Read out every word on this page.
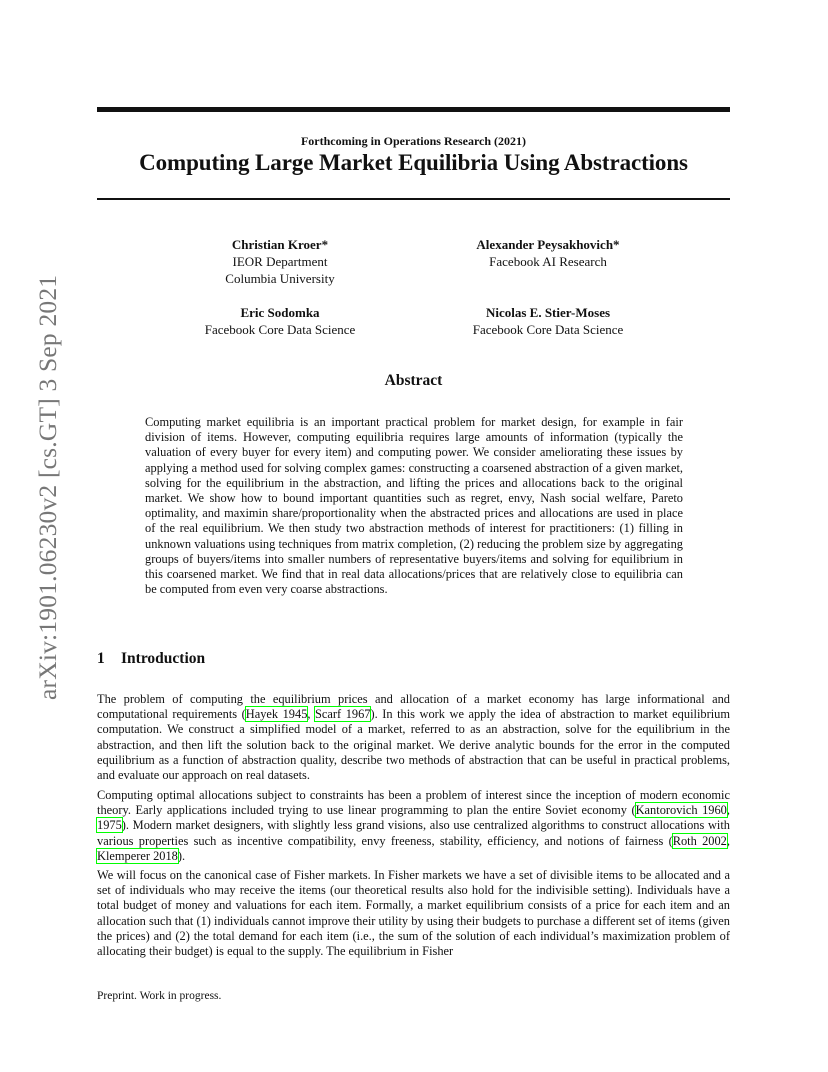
arXiv:1901.06230v2 [cs.GT] 3 Sep 2021
Forthcoming in Operations Research (2021)
Computing Large Market Equilibria Using Abstractions
Christian Kroer*
IEOR Department
Columbia University
Alexander Peysakhovich*
Facebook AI Research
Eric Sodomka
Facebook Core Data Science
Nicolas E. Stier-Moses
Facebook Core Data Science
Abstract
Computing market equilibria is an important practical problem for market design, for example in fair division of items. However, computing equilibria requires large amounts of information (typically the valuation of every buyer for every item) and computing power. We consider ameliorating these issues by applying a method used for solving complex games: constructing a coarsened abstraction of a given market, solving for the equilibrium in the abstraction, and lifting the prices and allocations back to the original market. We show how to bound important quantities such as regret, envy, Nash social welfare, Pareto optimality, and maximin share/proportionality when the abstracted prices and allocations are used in place of the real equilibrium. We then study two abstraction methods of interest for practitioners: (1) filling in unknown valuations using techniques from matrix completion, (2) reducing the problem size by aggregating groups of buyers/items into smaller numbers of representative buyers/items and solving for equilibrium in this coarsened market. We find that in real data allocations/prices that are relatively close to equilibria can be computed from even very coarse abstractions.
1 Introduction

The problem of computing the equilibrium prices and allocation of a market economy has large informational and computational requirements (Hayek 1945, Scarf 1967). In this work we apply the idea of abstraction to market equilibrium computation. We construct a simplified model of a market, referred to as an abstraction, solve for the equilibrium in the abstraction, and then lift the solution back to the original market. We derive analytic bounds for the error in the computed equilibrium as a function of abstraction quality, describe two methods of abstraction that can be useful in practical problems, and evaluate our approach on real datasets.

Computing optimal allocations subject to constraints has been a problem of interest since the inception of modern economic theory. Early applications included trying to use linear programming to plan the entire Soviet economy (Kantorovich 1960, 1975). Modern market designers, with slightly less grand visions, also use centralized algorithms to construct allocations with various properties such as incentive compatibility, envy freeness, stability, efficiency, and notions of fairness (Roth 2002, Klemperer 2018).

We will focus on the canonical case of Fisher markets. In Fisher markets we have a set of divisible items to be allocated and a set of individuals who may receive the items (our theoretical results also hold for the indivisible setting). Individuals have a total budget of money and valuations for each item. Formally, a market equilibrium consists of a price for each item and an allocation such that (1) individuals cannot improve their utility by using their budgets to purchase a different set of items (given the prices) and (2) the total demand for each item (i.e., the sum of the solution of each individual’s maximization problem of allocating their budget) is equal to the supply. The equilibrium in Fisher

Preprint. Work in progress.
